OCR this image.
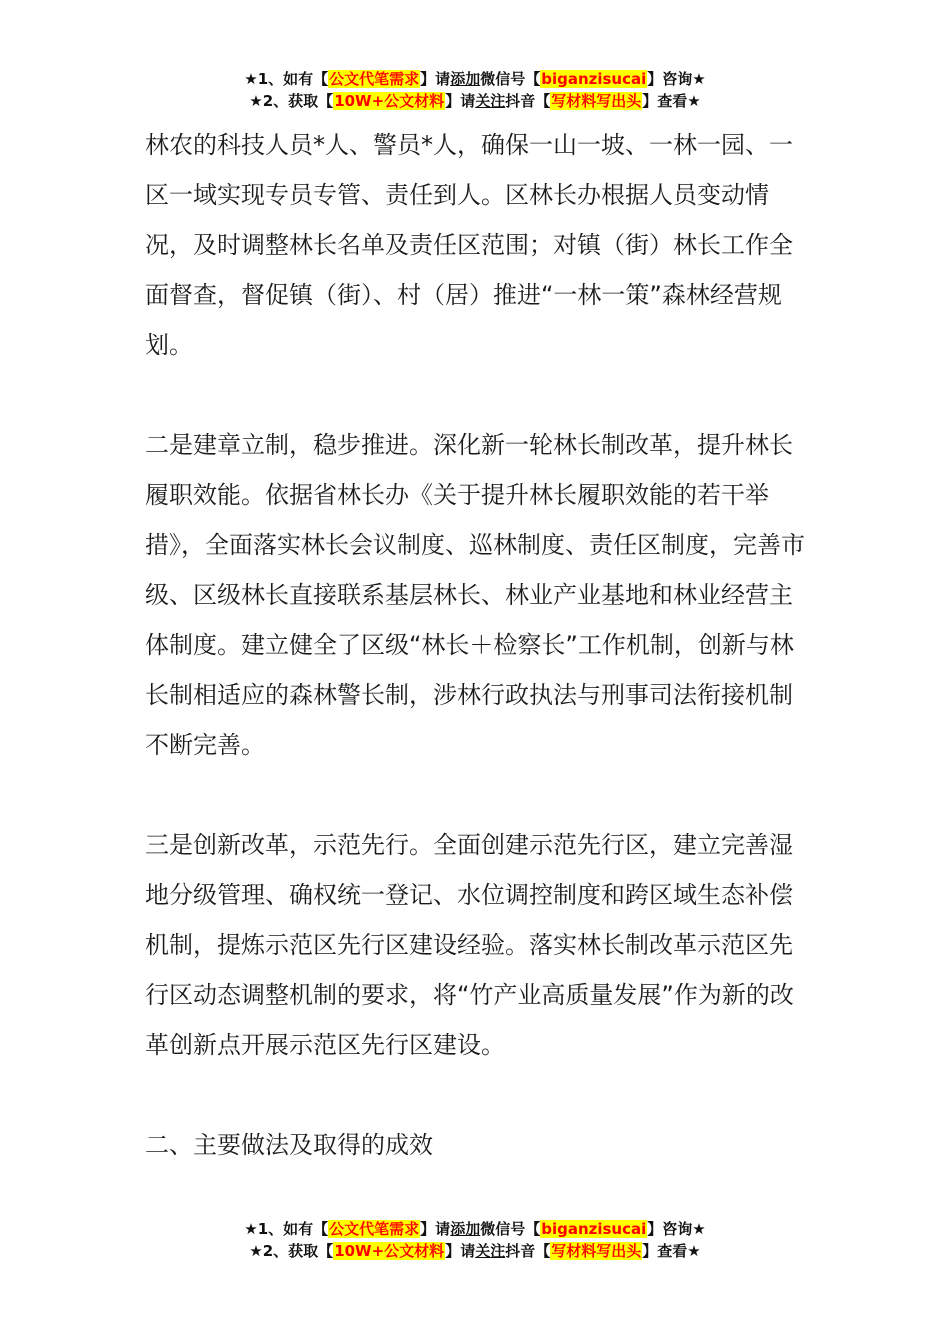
★1、如有【公文代笔需求】请添加微信号【biganzisucai】咨询★
★2、获取【10W+公文材料】请关注抖音【写材料写出头】查看★

林农的科技人员*人、警员*人，确保一山一坡、一林一园、一区一域实现专员专管、责任到人。区林长办根据人员变动情况，及时调整林长名单及责任区范围；对镇（街）林长工作全面督查，督促镇（街）、村（居）推进“一林一策”森林经营规划。

二是建章立制，稳步推进。深化新一轮林长制改革，提升林长履职效能。依据省林长办《关于提升林长履职效能的若干举措》，全面落实林长会议制度、巡林制度、责任区制度，完善市级、区级林长直接联系基层林长、林业产业基地和林业经营主体制度。建立健全了区级“林长＋检察长”工作机制，创新与林长制相适应的森林警长制，涉林行政执法与刑事司法衔接机制不断完善。

三是创新改革，示范先行。全面创建示范先行区，建立完善湿地分级管理、确权统一登记、水位调控制度和跨区域生态补偿机制，提炼示范区先行区建设经验。落实林长制改革示范区先行区动态调整机制的要求，将“竹产业高质量发展”作为新的改革创新点开展示范区先行区建设。

二、主要做法及取得的成效

★1、如有【公文代笔需求】请添加微信号【biganzisucai】咨询★
★2、获取【10W+公文材料】请关注抖音【写材料写出头】查看★
